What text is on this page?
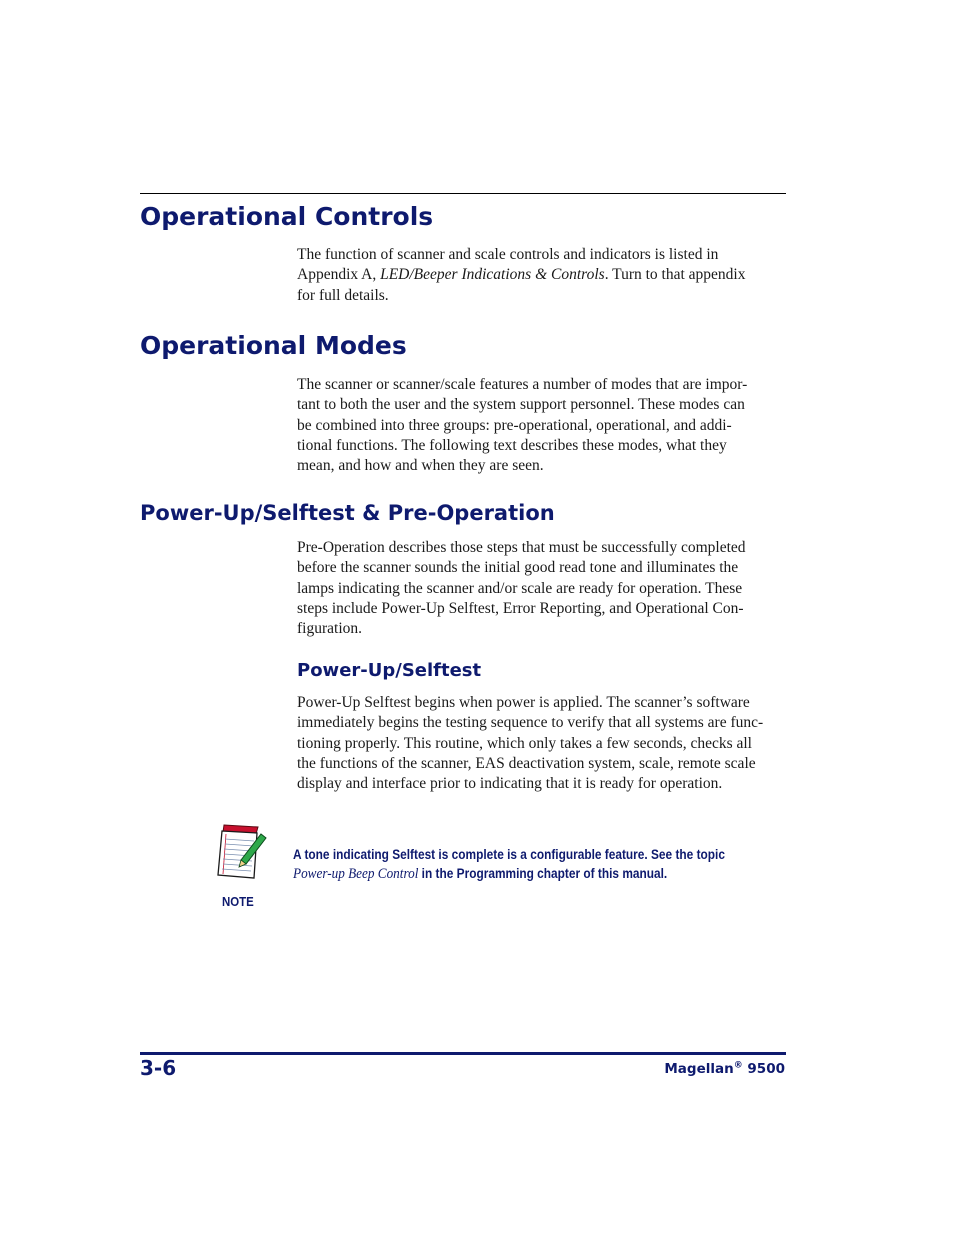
Operational Controls
The function of scanner and scale controls and indicators is listed in
Appendix A, LED/Beeper Indications & Controls. Turn to that appendix
for full details.
Operational Modes
The scanner or scanner/scale features a number of modes that are impor-
tant to both the user and the system support personnel. These modes can
be combined into three groups: pre-operational, operational, and addi-
tional functions. The following text describes these modes, what they
mean, and how and when they are seen.
Power-Up/Selftest & Pre-Operation
Pre-Operation describes those steps that must be successfully completed
before the scanner sounds the initial good read tone and illuminates the
lamps indicating the scanner and/or scale are ready for operation. These
steps include Power-Up Selftest, Error Reporting, and Operational Con-
figuration.
Power-Up/Selftest
Power-Up Selftest begins when power is applied. The scanner’s software
immediately begins the testing sequence to verify that all systems are func-
tioning properly. This routine, which only takes a few seconds, checks all
the functions of the scanner, EAS deactivation system, scale, remote scale
display and interface prior to indicating that it is ready for operation.
NOTE
A tone indicating Selftest is complete is a configurable feature. See the topic
Power-up Beep Control in the Programming chapter of this manual.
3-6	Magellan® 9500
